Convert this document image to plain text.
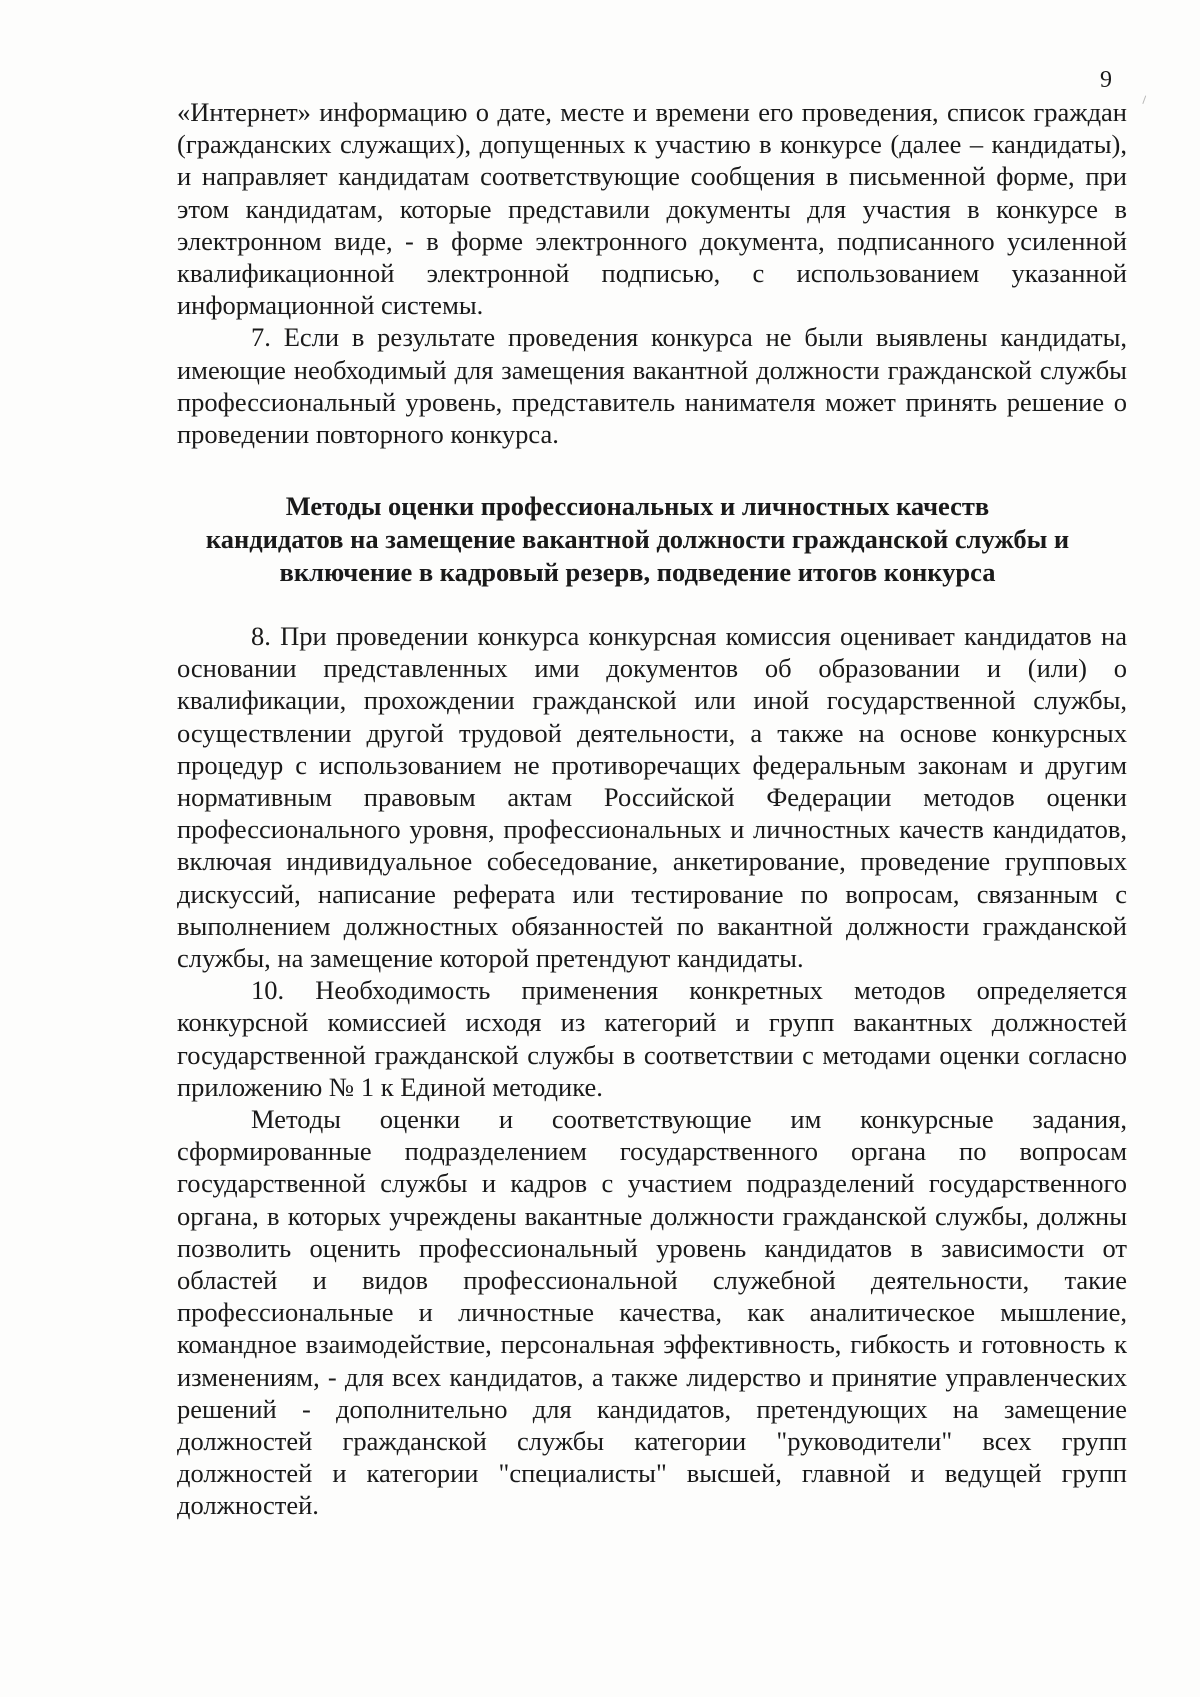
9
⸝

«Интернет» информацию о дате, месте и времени его проведения, список граждан (гражданских служащих), допущенных к участию в конкурсе (далее – кандидаты), и направляет кандидатам соответствующие сообщения в письменной форме, при этом кандидатам, которые представили документы для участия в конкурсе в электронном виде, - в форме электронного документа, подписанного усиленной квалификационной электронной подписью, с использованием указанной информационной системы.

7. Если в результате проведения конкурса не были выявлены кандидаты, имеющие необходимый для замещения вакантной должности гражданской службы профессиональный уровень, представитель нанимателя может принять решение о проведении повторного конкурса.

Методы оценки профессиональных и личностных качеств
кандидатов на замещение вакантной должности гражданской службы и
включение в кадровый резерв, подведение итогов конкурса

8. При проведении конкурса конкурсная комиссия оценивает кандидатов на основании представленных ими документов об образовании и (или) о квалификации, прохождении гражданской или иной государственной службы, осуществлении другой трудовой деятельности, а также на основе конкурсных процедур с использованием не противоречащих федеральным законам и другим нормативным правовым актам Российской Федерации методов оценки профессионального уровня, профессиональных и личностных качеств кандидатов, включая индивидуальное собеседование, анкетирование, проведение групповых дискуссий, написание реферата или тестирование по вопросам, связанным с выполнением должностных обязанностей по вакантной должности гражданской службы, на замещение которой претендуют кандидаты.

10. Необходимость применения конкретных методов определяется конкурсной комиссией исходя из категорий и групп вакантных должностей государственной гражданской службы в соответствии с методами оценки согласно приложению № 1 к Единой методике.

Методы оценки и соответствующие им конкурсные задания, сформированные подразделением государственного органа по вопросам государственной службы и кадров с участием подразделений государственного органа, в которых учреждены вакантные должности гражданской службы, должны позволить оценить профессиональный уровень кандидатов в зависимости от областей и видов профессиональной служебной деятельности, такие профессиональные и личностные качества, как аналитическое мышление, командное взаимодействие, персональная эффективность, гибкость и готовность к изменениям, - для всех кандидатов, а также лидерство и принятие управленческих решений - дополнительно для кандидатов, претендующих на замещение должностей гражданской службы категории "руководители" всех групп должностей и категории "специалисты" высшей, главной и ведущей групп должностей.
